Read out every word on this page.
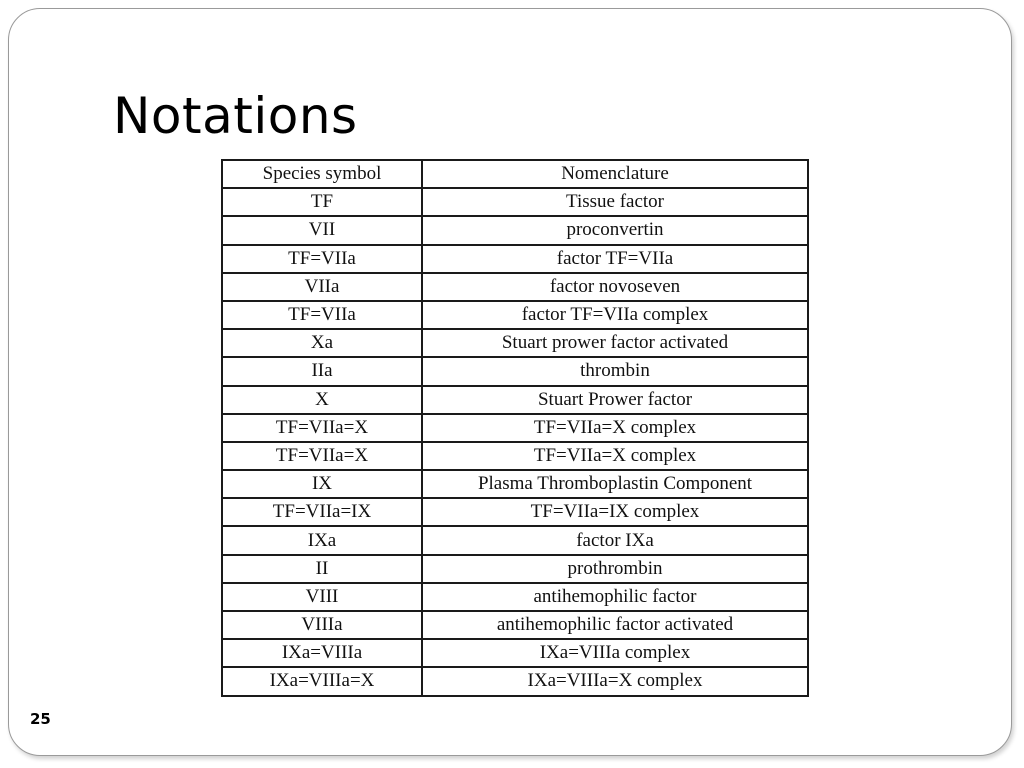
Notations
Species symbol	Nomenclature
TF	Tissue factor
VII	proconvertin
TF=VIIa	factor TF=VIIa
VIIa	factor novoseven
TF=VIIa	factor TF=VIIa complex
Xa	Stuart prower factor activated
IIa	thrombin
X	Stuart Prower factor
TF=VIIa=X	TF=VIIa=X complex
TF=VIIa=X	TF=VIIa=X complex
IX	Plasma Thromboplastin Component
TF=VIIa=IX	TF=VIIa=IX complex
IXa	factor IXa
II	prothrombin
VIII	antihemophilic factor
VIIIa	antihemophilic factor activated
IXa=VIIIa	IXa=VIIIa complex
IXa=VIIIa=X	IXa=VIIIa=X complex
25
